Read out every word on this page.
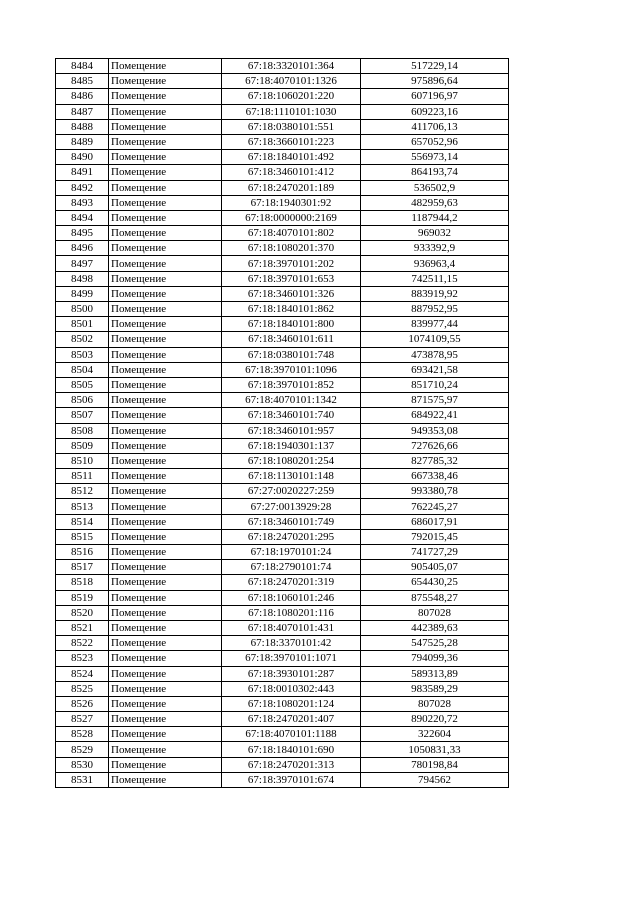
8484	Помещение	67:18:3320101:364	517229,14
8485	Помещение	67:18:4070101:1326	975896,64
8486	Помещение	67:18:1060201:220	607196,97
8487	Помещение	67:18:1110101:1030	609223,16
8488	Помещение	67:18:0380101:551	411706,13
8489	Помещение	67:18:3660101:223	657052,96
8490	Помещение	67:18:1840101:492	556973,14
8491	Помещение	67:18:3460101:412	864193,74
8492	Помещение	67:18:2470201:189	536502,9
8493	Помещение	67:18:1940301:92	482959,63
8494	Помещение	67:18:0000000:2169	1187944,2
8495	Помещение	67:18:4070101:802	969032
8496	Помещение	67:18:1080201:370	933392,9
8497	Помещение	67:18:3970101:202	936963,4
8498	Помещение	67:18:3970101:653	742511,15
8499	Помещение	67:18:3460101:326	883919,92
8500	Помещение	67:18:1840101:862	887952,95
8501	Помещение	67:18:1840101:800	839977,44
8502	Помещение	67:18:3460101:611	1074109,55
8503	Помещение	67:18:0380101:748	473878,95
8504	Помещение	67:18:3970101:1096	693421,58
8505	Помещение	67:18:3970101:852	851710,24
8506	Помещение	67:18:4070101:1342	871575,97
8507	Помещение	67:18:3460101:740	684922,41
8508	Помещение	67:18:3460101:957	949353,08
8509	Помещение	67:18:1940301:137	727626,66
8510	Помещение	67:18:1080201:254	827785,32
8511	Помещение	67:18:1130101:148	667338,46
8512	Помещение	67:27:0020227:259	993380,78
8513	Помещение	67:27:0013929:28	762245,27
8514	Помещение	67:18:3460101:749	686017,91
8515	Помещение	67:18:2470201:295	792015,45
8516	Помещение	67:18:1970101:24	741727,29
8517	Помещение	67:18:2790101:74	905405,07
8518	Помещение	67:18:2470201:319	654430,25
8519	Помещение	67:18:1060101:246	875548,27
8520	Помещение	67:18:1080201:116	807028
8521	Помещение	67:18:4070101:431	442389,63
8522	Помещение	67:18:3370101:42	547525,28
8523	Помещение	67:18:3970101:1071	794099,36
8524	Помещение	67:18:3930101:287	589313,89
8525	Помещение	67:18:0010302:443	983589,29
8526	Помещение	67:18:1080201:124	807028
8527	Помещение	67:18:2470201:407	890220,72
8528	Помещение	67:18:4070101:1188	322604
8529	Помещение	67:18:1840101:690	1050831,33
8530	Помещение	67:18:2470201:313	780198,84
8531	Помещение	67:18:3970101:674	794562
